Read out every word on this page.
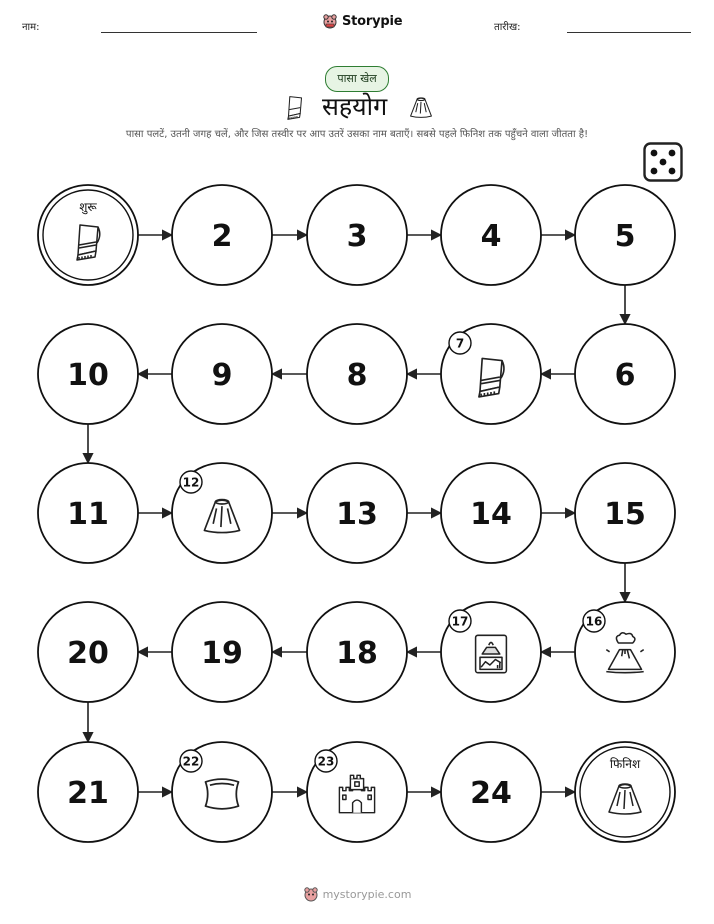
नाम:	Storypie	तारीख:
पासा खेल
सहयोग
पासा पलटें, उतनी जगह चलें, और जिस तस्वीर पर आप उतरें उसका नाम बताएँ। सबसे पहले फिनिश तक पहुँचने वाला जीतता है!
शुरू
2	3	4	5
6
7
8
9
10
11
12
13	14	15
16
17
18
19
20
21
22	23
24
फिनिश
mystorypie.com
